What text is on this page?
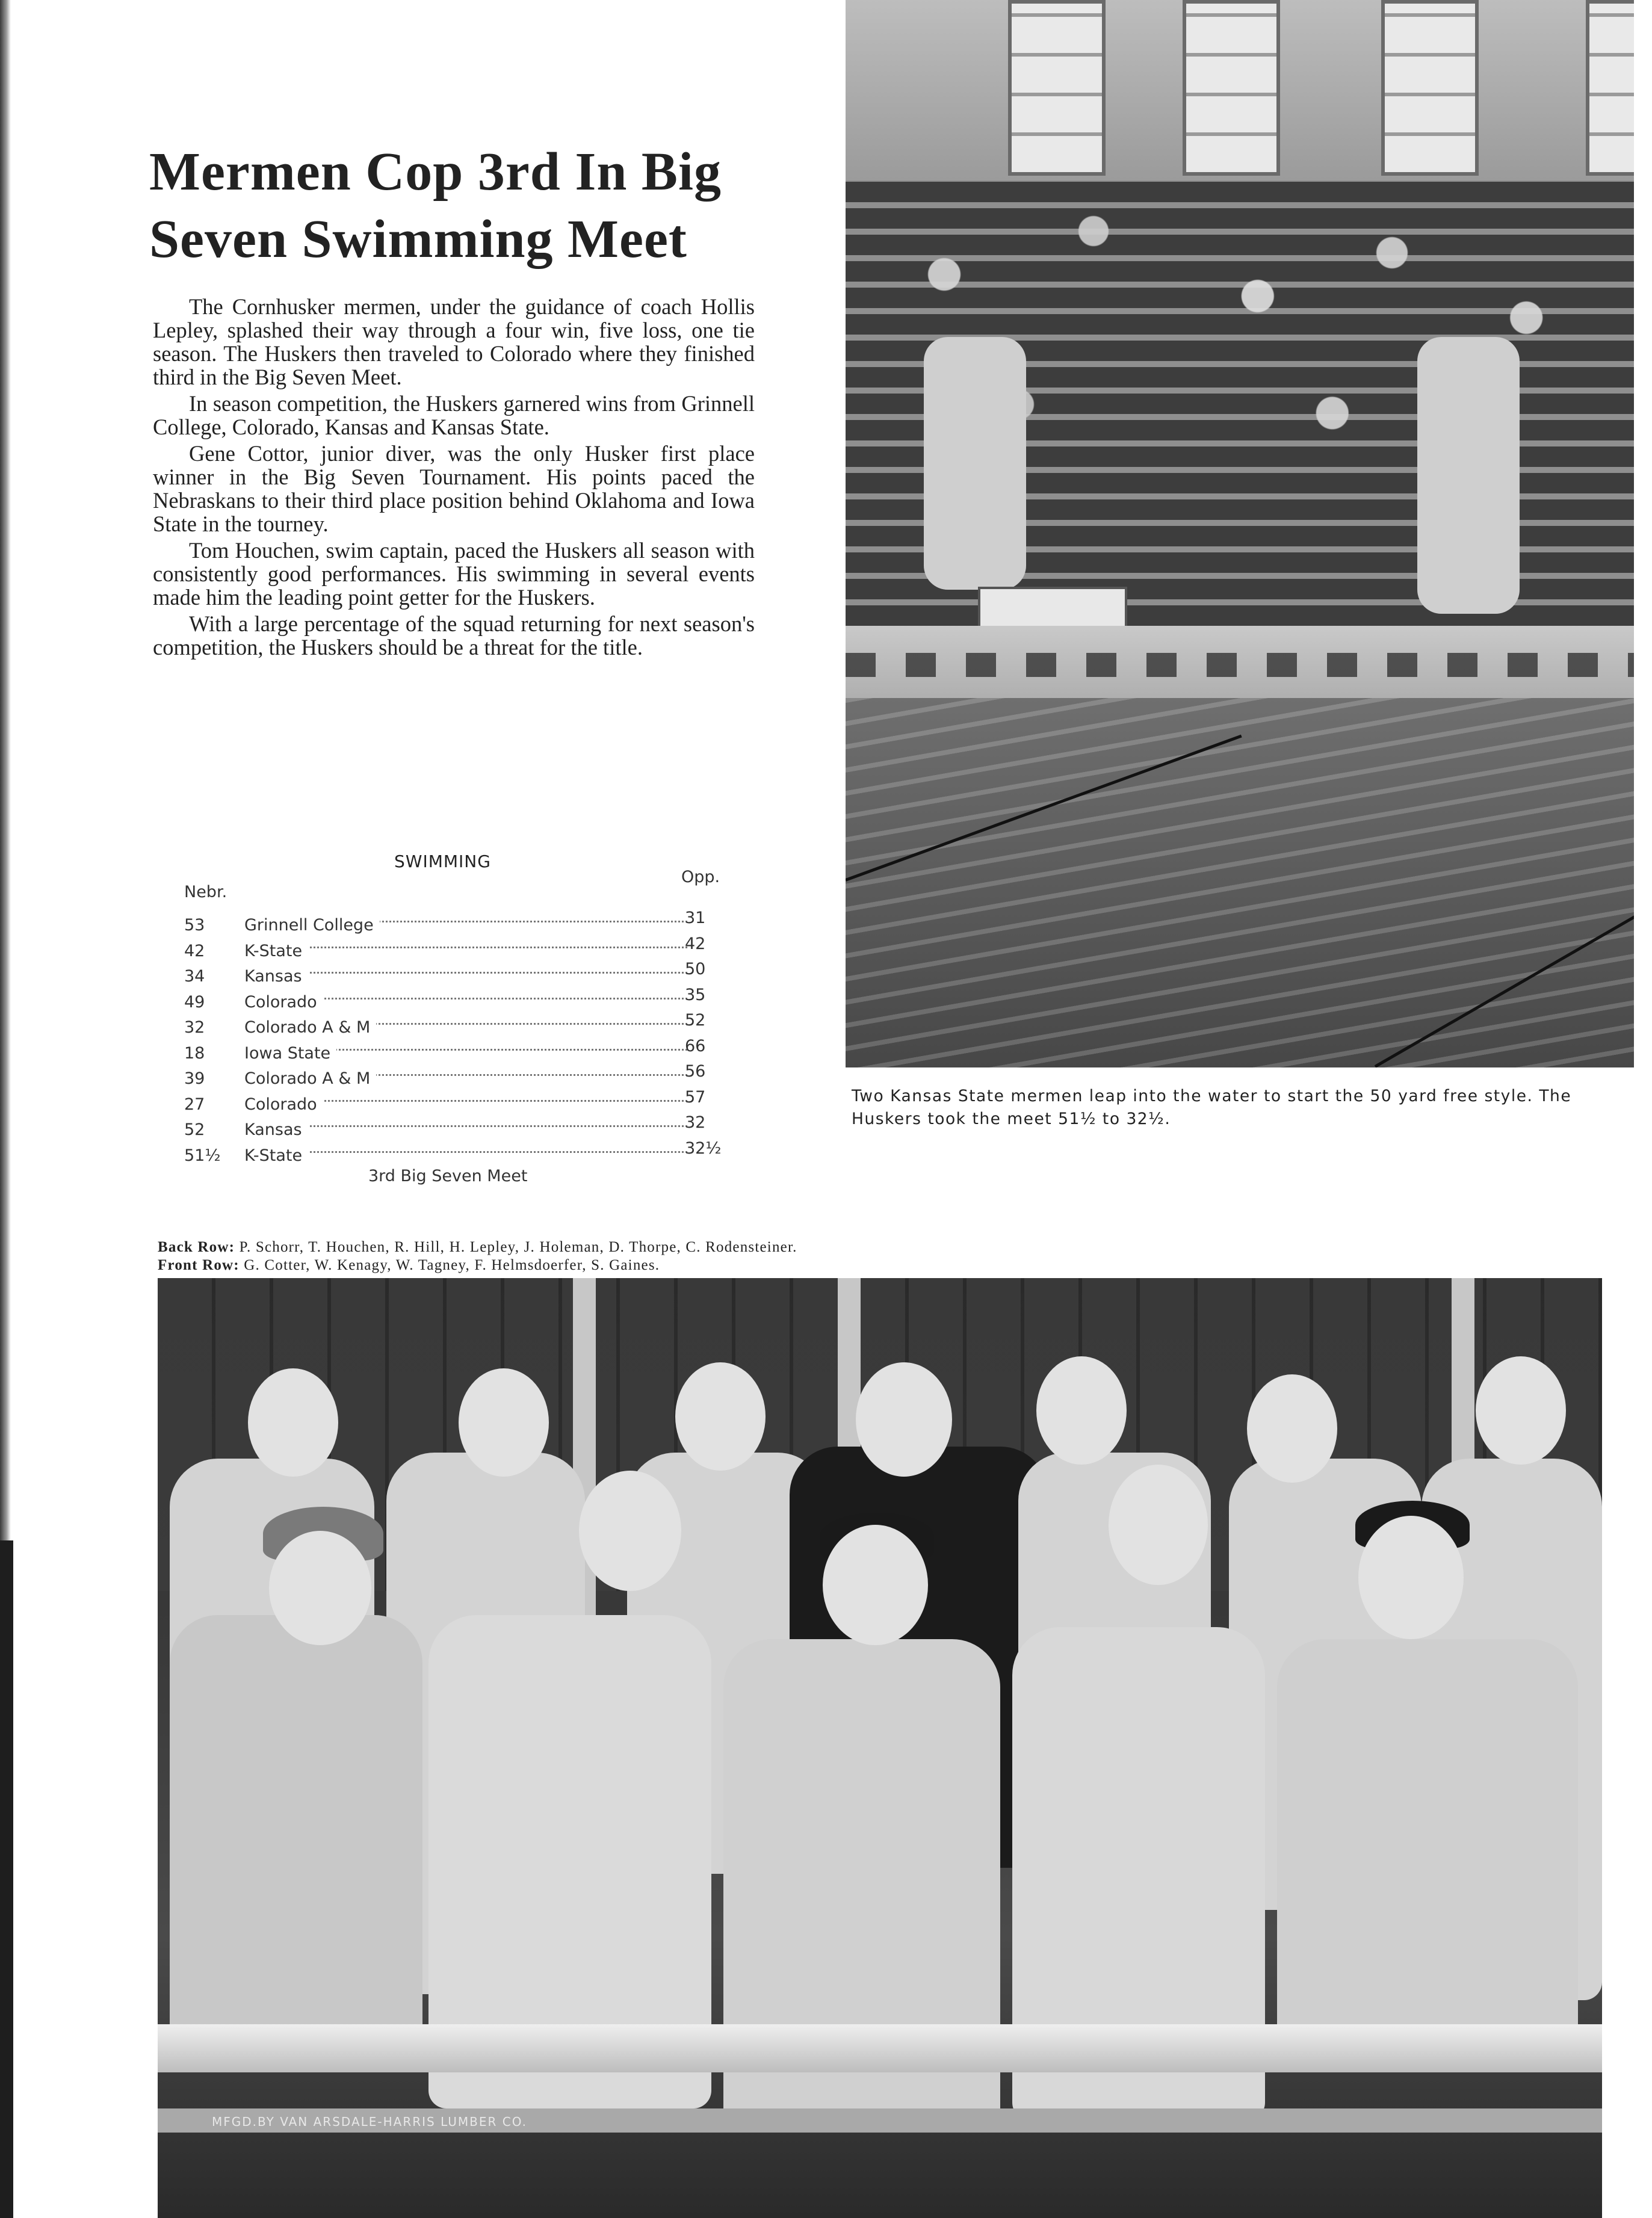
Mermen Cop 3rd In Big Seven Swimming Meet

The Cornhusker mermen, under the guidance of coach Hollis Lepley, splashed their way through a four win, five loss, one tie season. The Huskers then traveled to Colorado where they finished third in the Big Seven Meet.

In season competition, the Huskers garnered wins from Grinnell College, Colorado, Kansas and Kansas State.

Gene Cottor, junior diver, was the only Husker first place winner in the Big Seven Tournament. His points paced the Nebraskans to their third place position behind Oklahoma and Iowa State in the tourney.

Tom Houchen, swim captain, paced the Huskers all season with consistently good performances. His swimming in several events made him the leading point getter for the Huskers.

With a large percentage of the squad returning for next season's competition, the Huskers should be a threat for the title.

SWIMMING
Nebr.
Opp.
53 Grinnell College	31
42 K-State	42
34 Kansas	50
49 Colorado	35
32 Colorado A & M	52
18 Iowa State	66
39 Colorado A & M	56
27 Colorado	57
52 Kansas	32
51½ K-State	32½
3rd Big Seven Meet
Two Kansas State mermen leap into the water to start the 50 yard free style. The Huskers took the meet 51½ to 32½.
Back Row: P. Schorr, T. Houchen, R. Hill, H. Lepley, J. Holeman, D. Thorpe, C. Rodensteiner.
Front Row: G. Cotter, W. Kenagy, W. Tagney, F. Helmsdoerfer, S. Gaines.
MFGD.BY VAN ARSDALE-HARRIS LUMBER CO.
